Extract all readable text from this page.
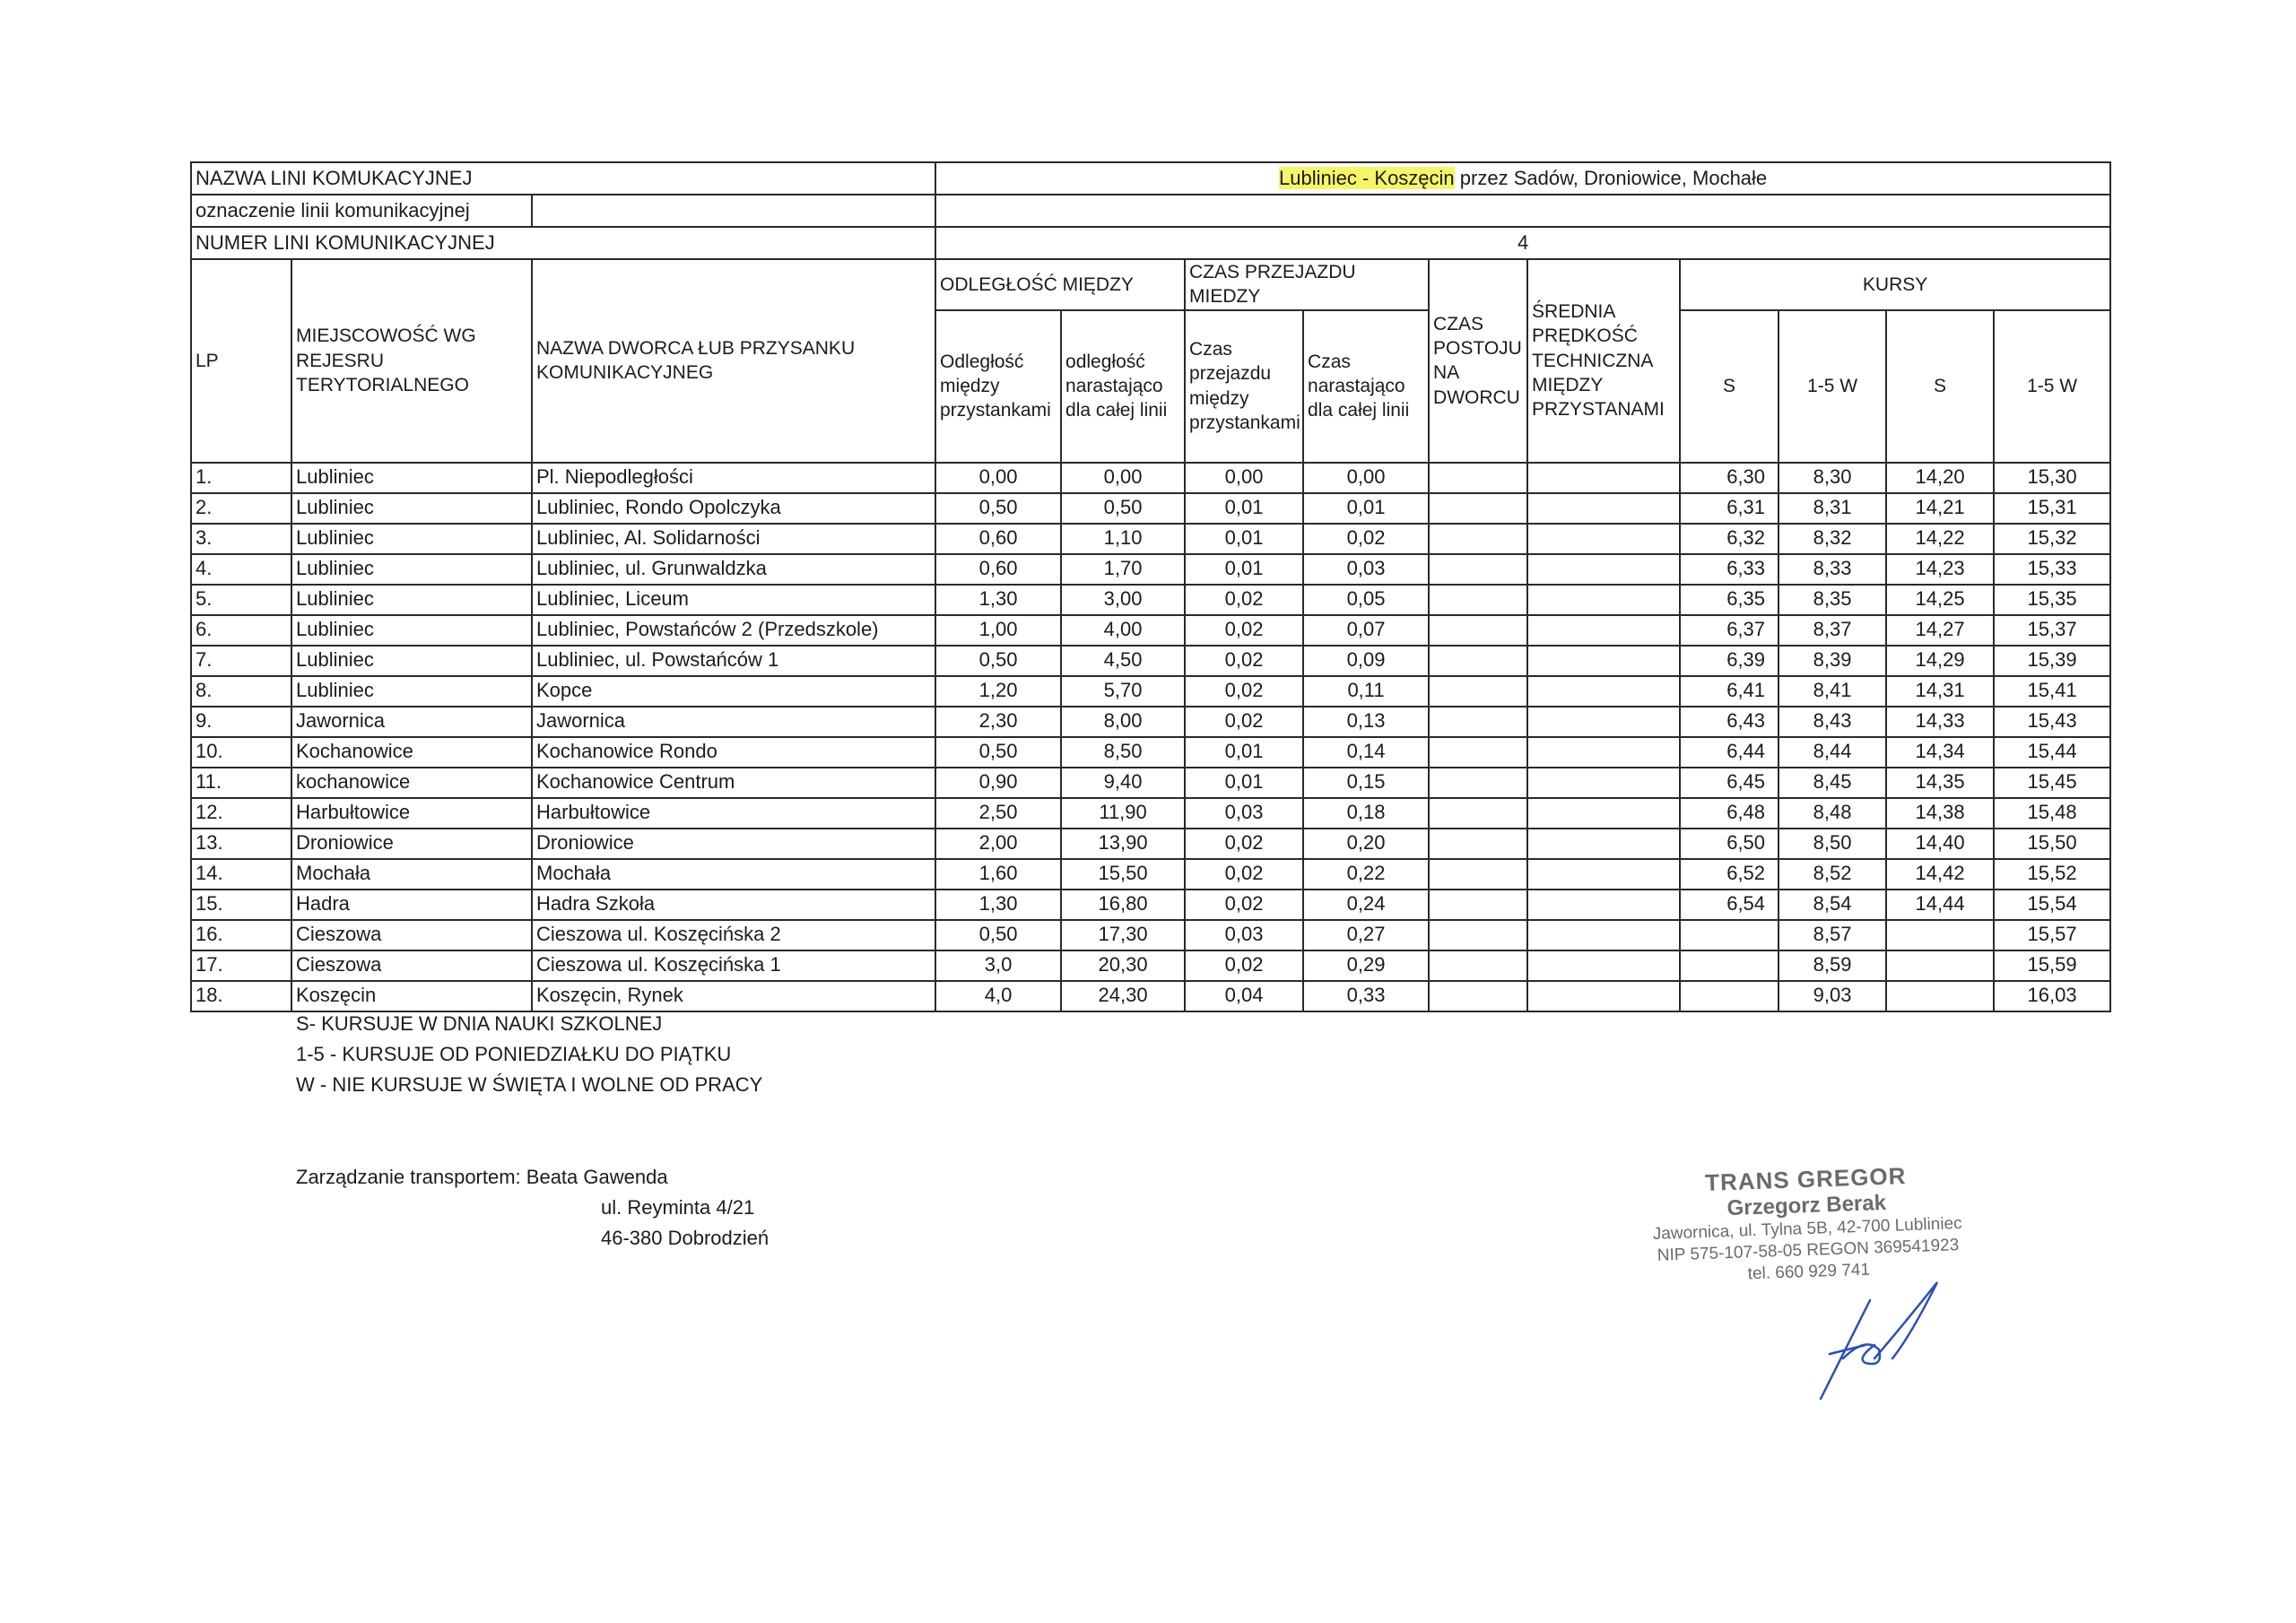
NAZWA LINI KOMUKACYJNEJ			Lubliniec - Koszęcin przez Sadów, Droniowice, Mochałe									
oznaczenie linii komunikacyjnej												
NUMER LINI KOMUNIKACYJNEJ			4									
LP	MIEJSCOWOŚĆ WG REJESRU TERYTORIALNEGO	NAZWA DWORCA ŁUB PRZYSANKU KOMUNIKACYJNEG	ODLEGŁOŚĆ MIĘDZY		CZAS PRZEJAZDU MIEDZY		CZAS POSTOJU NA DWORCU	ŚREDNIA PRĘDKOŚĆ TECHNICZNA MIĘDZY PRZYSTANAMI	KURSY			
			Odległość między przystankami	odległość narastająco dla całej linii	Czas przejazdu między przystankami	Czas narastająco dla całej linii			S	1-5 W	S	1-5 W
1.	Lubliniec	Pl. Niepodległości	0,00	0,00	0,00	0,00			6,30	8,30	14,20	15,30
2.	Lubliniec	Lubliniec, Rondo Opolczyka	0,50	0,50	0,01	0,01			6,31	8,31	14,21	15,31
3.	Lubliniec	Lubliniec, Al. Solidarności	0,60	1,10	0,01	0,02			6,32	8,32	14,22	15,32
4.	Lubliniec	Lubliniec, ul. Grunwaldzka	0,60	1,70	0,01	0,03			6,33	8,33	14,23	15,33
5.	Lubliniec	Lubliniec, Liceum	1,30	3,00	0,02	0,05			6,35	8,35	14,25	15,35
6.	Lubliniec	Lubliniec, Powstańców 2 (Przedszkole)	1,00	4,00	0,02	0,07			6,37	8,37	14,27	15,37
7.	Lubliniec	Lubliniec, ul. Powstańców 1	0,50	4,50	0,02	0,09			6,39	8,39	14,29	15,39
8.	Lubliniec	Kopce	1,20	5,70	0,02	0,11			6,41	8,41	14,31	15,41
9.	Jawornica	Jawornica	2,30	8,00	0,02	0,13			6,43	8,43	14,33	15,43
10.	Kochanowice	Kochanowice Rondo	0,50	8,50	0,01	0,14			6,44	8,44	14,34	15,44
11.	kochanowice	Kochanowice Centrum	0,90	9,40	0,01	0,15			6,45	8,45	14,35	15,45
12.	Harbułtowice	Harbułtowice	2,50	11,90	0,03	0,18			6,48	8,48	14,38	15,48
13.	Droniowice	Droniowice	2,00	13,90	0,02	0,20			6,50	8,50	14,40	15,50
14.	Mochała	Mochała	1,60	15,50	0,02	0,22			6,52	8,52	14,42	15,52
15.	Hadra	Hadra Szkoła	1,30	16,80	0,02	0,24			6,54	8,54	14,44	15,54
16.	Cieszowa	Cieszowa ul. Koszęcińska 2	0,50	17,30	0,03	0,27				8,57		15,57
17.	Cieszowa	Cieszowa ul. Koszęcińska 1	3,0	20,30	0,02	0,29				8,59		15,59
18.	Koszęcin	Koszęcin, Rynek	4,0	24,30	0,04	0,33				9,03		16,03
S- KURSUJE W DNIA NAUKI SZKOLNEJ
1-5 - KURSUJE OD PONIEDZIAŁKU DO PIĄTKU
W - NIE KURSUJE W ŚWIĘTA I WOLNE OD PRACY
Zarządzanie transportem: Beata Gawenda
ul. Reyminta 4/21
46-380 Dobrodzień
TRANS GREGOR
Grzegorz Berak
Jawornica, ul. Tylna 5B, 42-700 Lubliniec
NIP 575-107-58-05 REGON 369541923
tel. 660 929 741
